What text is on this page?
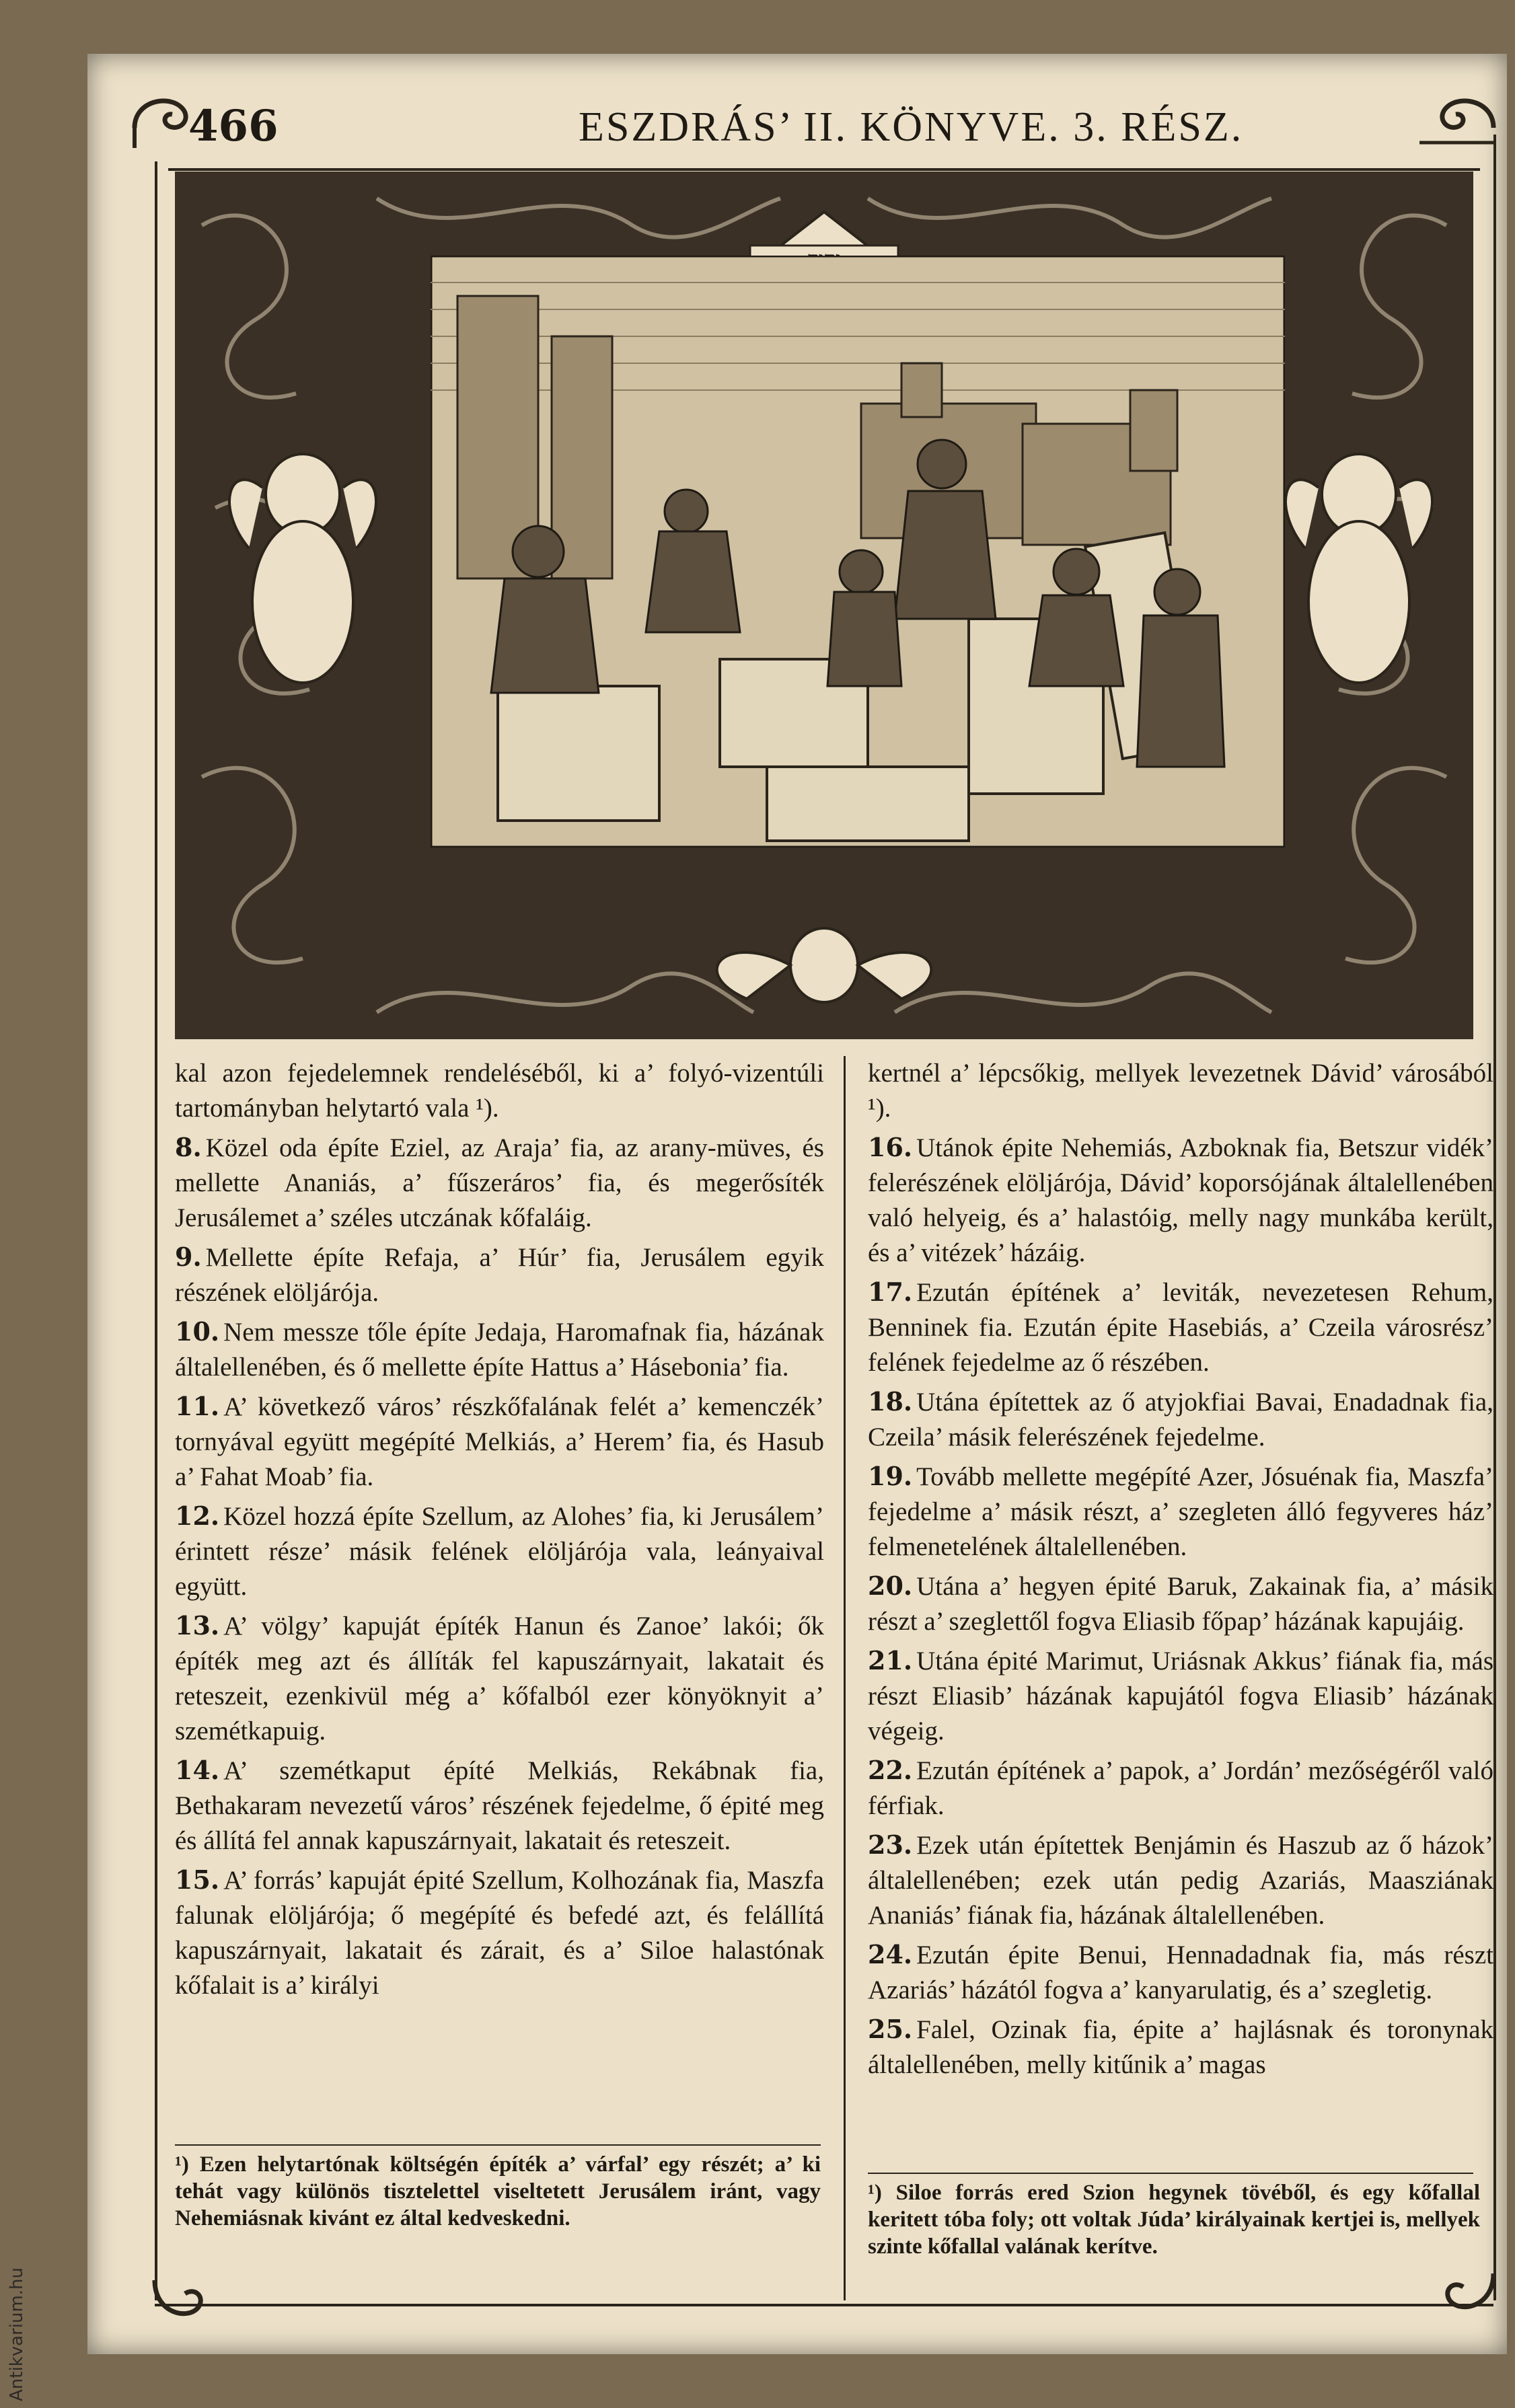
466	ESZDRÁS’ II. KÖNYVE. 3. RÉSZ.

kal azon fejedelemnek rendeléséből, ki a’ folyó-vizentúli tartományban helytartó vala ¹).

8. Közel oda építe Eziel, az Araja’ fia, az arany-müves, és mellette Ananiás, a’ fűszeráros’ fia, és megerősíték Jerusálemet a’ széles utczának kőfaláig.

9. Mellette építe Refaja, a’ Húr’ fia, Jerusálem egyik részének elöljárója.

10. Nem messze tőle építe Jedaja, Haromafnak fia, házának általellenében, és ő mellette építe Hattus a’ Hásebonia’ fia.

11. A’ következő város’ részkőfalának felét a’ kemenczék’ tornyával együtt megépíté Melkiás, a’ Herem’ fia, és Hasub a’ Fahat Moab’ fia.

12. Közel hozzá építe Szellum, az Alohes’ fia, ki Jerusálem’ érintett része’ másik felének elöljárója vala, leányaival együtt.

13. A’ völgy’ kapuját építék Hanun és Zanoe’ lakói; ők építék meg azt és állíták fel kapuszárnyait, lakatait és reteszeit, ezenkivül még a’ kőfalból ezer könyöknyit a’ szemétkapuig.

14. A’ szemétkaput építé Melkiás, Rekábnak fia, Bethakaram nevezetű város’ részének fejedelme, ő épité meg és állítá fel annak kapuszárnyait, lakatait és reteszeit.

15. A’ forrás’ kapuját épité Szellum, Kolhozának fia, Maszfa falunak elöljárója; ő megépíté és befedé azt, és felállítá kapuszárnyait, lakatait és zárait, és a’ Siloe halastónak kőfalait is a’ királyi

kertnél a’ lépcsőkig, mellyek levezetnek Dávid’ városából ¹).

16. Utánok épite Nehemiás, Azboknak fia, Betszur vidék’ felerészének elöljárója, Dávid’ koporsójának általellenében való helyeig, és a’ halastóig, melly nagy munkába került, és a’ vitézek’ házáig.

17. Ezután építének a’ leviták, nevezetesen Rehum, Benninek fia. Ezután épite Hasebiás, a’ Czeila városrész’ felének fejedelme az ő részében.

18. Utána építettek az ő atyjokfiai Bavai, Enadadnak fia, Czeila’ másik felerészének fejedelme.

19. Tovább mellette megépíté Azer, Jósuénak fia, Maszfa’ fejedelme a’ másik részt, a’ szegleten álló fegyveres ház’ felmenetelének általellenében.

20. Utána a’ hegyen épité Baruk, Zakainak fia, a’ másik részt a’ szeglettől fogva Eliasib főpap’ házának kapujáig.

21. Utána épité Marimut, Uriásnak Akkus’ fiának fia, más részt Eliasib’ házának kapujától fogva Eliasib’ házának végeig.

22. Ezután építének a’ papok, a’ Jordán’ mezőségéről való férfiak.

23. Ezek után építettek Benjámin és Haszub az ő házok’ általellenében; ezek után pedig Azariás, Maasziának Ananiás’ fiának fia, házának általellenében.

24. Ezután épite Benui, Hennadadnak fia, más részt Azariás’ házától fogva a’ kanyarulatig, és a’ szegletig.

25. Falel, Ozinak fia, épite a’ hajlásnak és toronynak általellenében, melly kitűnik a’ magas

¹) Ezen helytartónak költségén építék a’ várfal’ egy részét; a’ ki tehát vagy különös tisztelettel viseltetett Jerusálem iránt, vagy Nehemiásnak kivánt ez által kedveskedni.
¹) Siloe forrás ered Szion hegynek tövéből, és egy kőfallal keritett tóba foly; ott voltak Júda’ királyainak kertjei is, mellyek szinte kőfallal valának kerítve.
Antikvarium.hu
